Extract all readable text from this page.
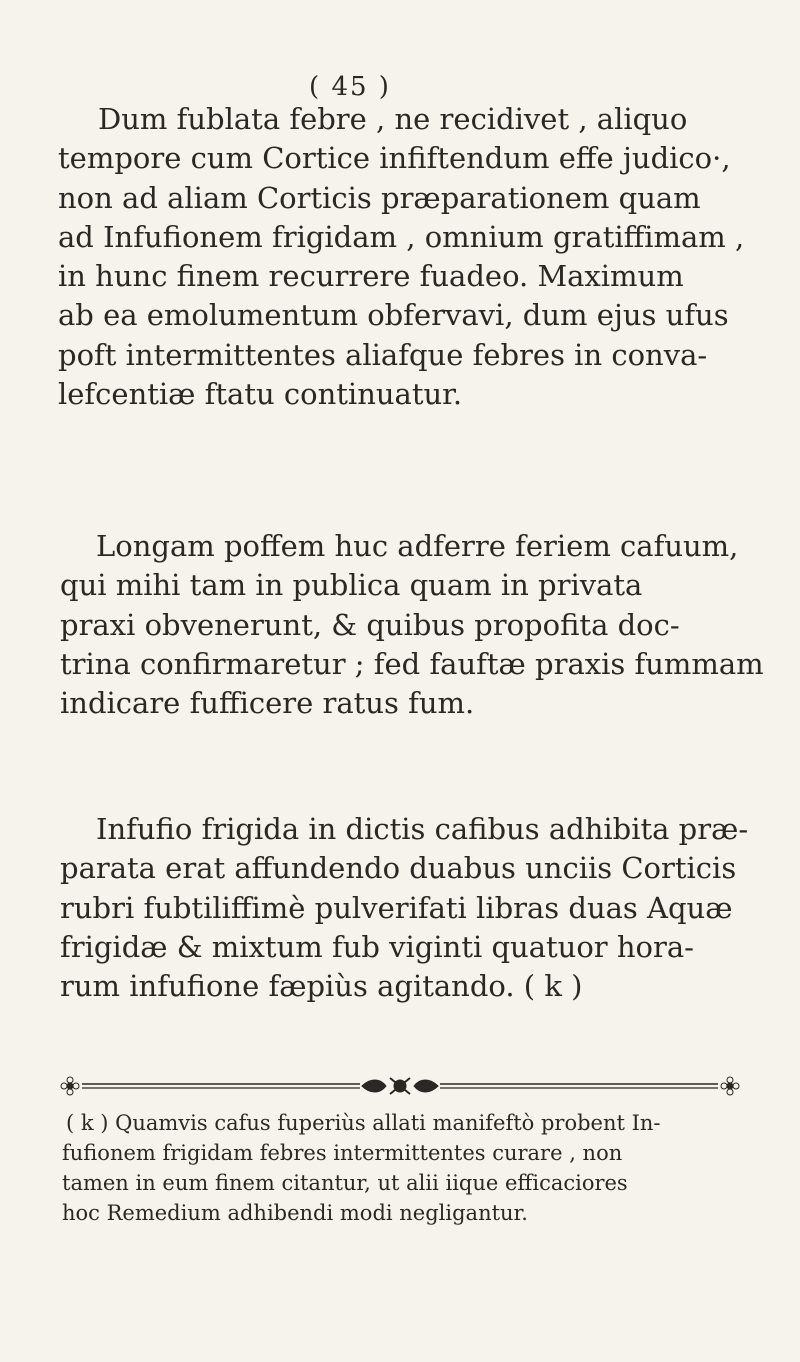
( 45 )
Dum fublata febre , ne recidivet , aliquo
tempore cum Cortice infiftendum effe judico·,
non ad aliam Corticis præparationem quam
ad Infufionem frigidam , omnium gratiffimam ,
in hunc finem recurrere fuadeo. Maximum
ab ea emolumentum obfervavi, dum ejus ufus
poft intermittentes aliafque febres in conva-
lefcentiæ ftatu continuatur.
Longam poffem huc adferre feriem cafuum,
qui mihi tam in publica quam in privata
praxi obvenerunt, & quibus propofita doc-
trina confirmaretur ; fed fauftæ praxis fummam
indicare fufficere ratus fum.
Infufio frigida in dictis cafibus adhibita præ-
parata erat affundendo duabus unciis Corticis
rubri fubtiliffimè pulverifati libras duas Aquæ
frigidæ & mixtum fub viginti quatuor hora-
rum infufione fæpiùs agitando. ( k )
( k ) Quamvis cafus fuperiùs allati manifeftò probent In-
fufionem frigidam febres intermittentes curare , non
tamen in eum finem citantur, ut alii iique efficaciores
hoc Remedium adhibendi modi negligantur.
